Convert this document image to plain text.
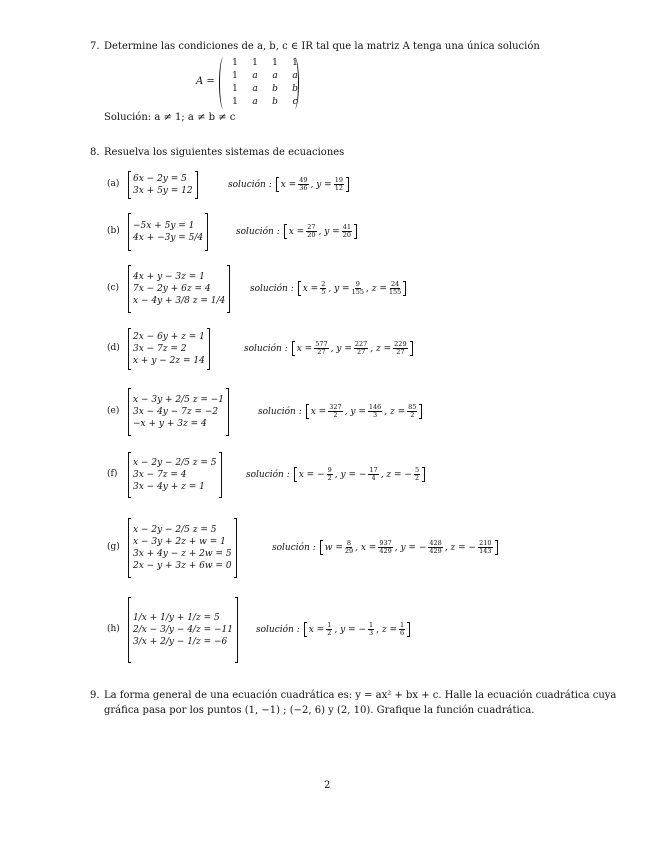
7. Determine las condiciones de a, b, c ∈ IR tal que la matriz A tenga una única solución
A =
1	1	1	1
1	a	a	a
1	a	b	b
1	a	b	c
Solución: a ≠ 1; a ≠ b ≠ c
8. Resuelva los siguientes sistemas de ecuaciones
(a) 6x − 2y = 5
3x + 5y = 12
solución : $x = \frac{49}{36}$ , $y = \frac{19}{12}$
(b) −5x + 5y = 1
4x + −3y = 5/4
solución : $x = \frac{27}{20}$ , $y = \frac{41}{20}$
(c)
4x + y − 3z = 1
7x − 2y + 6z = 4
x − 4y + 3/8 z = 1/4
solución : $x = \frac{2}{5}$ , $y = \frac{9}{155}$ , $z = \frac{24}{155}$
(d)
2x − 6y + z = 1
3x − 7z = 2
x + y − 2z = 14
solución : $x = \frac{577}{27}$ , $y = \frac{227}{27}$ , $z = \frac{229}{27}$
(e)
x − 3y + 2/5 z = −1
3x − 4y − 7z = −2
−x + y + 3z = 4
solución : $x = \frac{327}{2}$ , $y = \frac{146}{3}$ , $z = \frac{85}{2}$
(f)
x − 2y − 2/5 z = 5
3x − 7z = 4
3x − 4y + z = 1
solución : x = − $\frac{9}{2}$ , y = − $\frac{17}{4}$ , z = − $\frac{5}{2}$
(g)
x − 2y − 2/5 z = 5
x − 3y + 2z + w = 1
3x + 4y − z + 2w = 5
2x − y + 3z + 6w = 0
solución : $w = \frac{8}{29}$ , $x = \frac{937}{429}$ , y = − $\frac{428}{429}$ , z = − $\frac{210}{143}$
(h)
1/x + 1/y + 1/z = 5
2/x − 3/y − 4/z = −11
3/x + 2/y − 1/z = −6
solución : $x = \frac{1}{2}$ , y = − $\frac{1}{3}$ , $z = \frac{1}{6}$
9. La forma general de una ecuación cuadrática es: y = ax² + bx + c. Halle la ecuación cuadrática cuya
gráfica pasa por los puntos (1, −1) ; (−2, 6) y (2, 10). Grafique la función cuadrática.
2
